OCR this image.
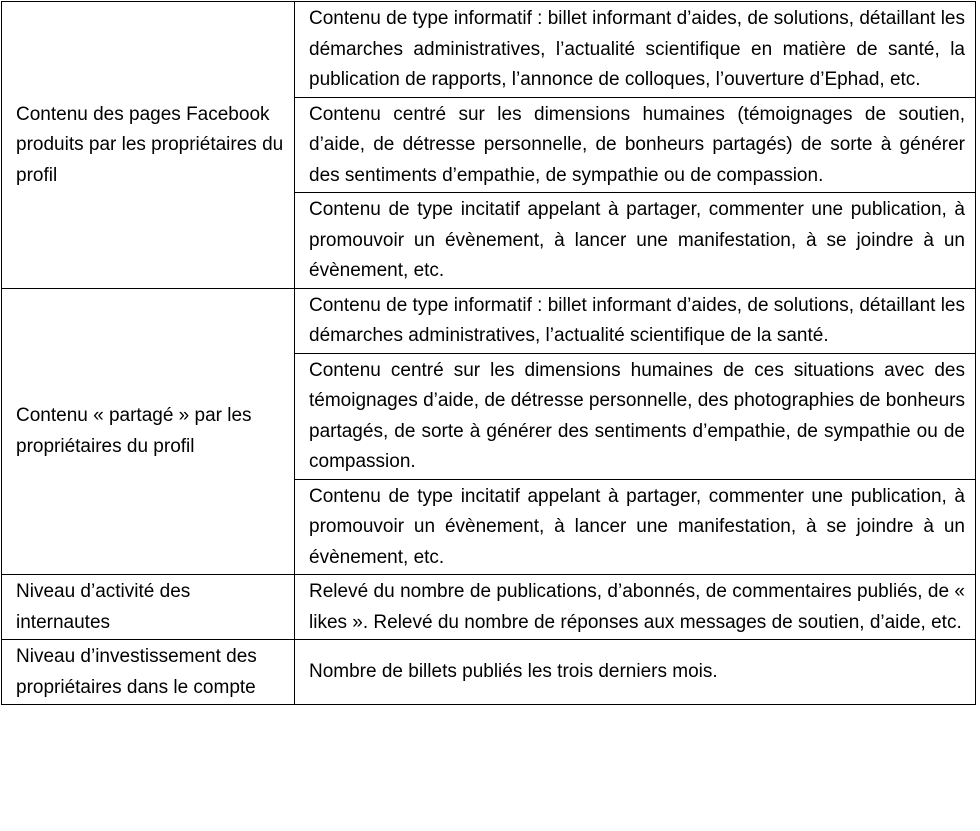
Contenu des pages Facebook produits par les propriétaires du profil	Contenu de type informatif : billet informant d’aides, de solutions, détaillant les démarches administratives, l’actualité scientifique en matière de santé, la publication de rapports, l’annonce de colloques, l’ouverture d’Ephad, etc.
	Contenu centré sur les dimensions humaines (témoignages de soutien, d’aide, de détresse personnelle, de bonheurs partagés) de sorte à générer des sentiments d’empathie, de sympathie ou de compassion.
	Contenu de type incitatif appelant à partager, commenter une publication, à promouvoir un évènement, à lancer une manifestation, à se joindre à un évènement, etc.
Contenu « partagé » par les propriétaires du profil	Contenu de type informatif : billet informant d’aides, de solutions, détaillant les démarches administratives, l’actualité scientifique de la santé.
	Contenu centré sur les dimensions humaines de ces situations avec des témoignages d’aide, de détresse personnelle, des photographies de bonheurs partagés, de sorte à générer des sentiments d’empathie, de sympathie ou de compassion.
	Contenu de type incitatif appelant à partager, commenter une publication, à promouvoir un évènement, à lancer une manifestation, à se joindre à un évènement, etc.
Niveau d’activité des internautes	Relevé du nombre de publications, d’abonnés, de commentaires publiés, de « likes ». Relevé du nombre de réponses aux messages de soutien, d’aide, etc.
Niveau d’investissement des propriétaires dans le compte	Nombre de billets publiés les trois derniers mois.
